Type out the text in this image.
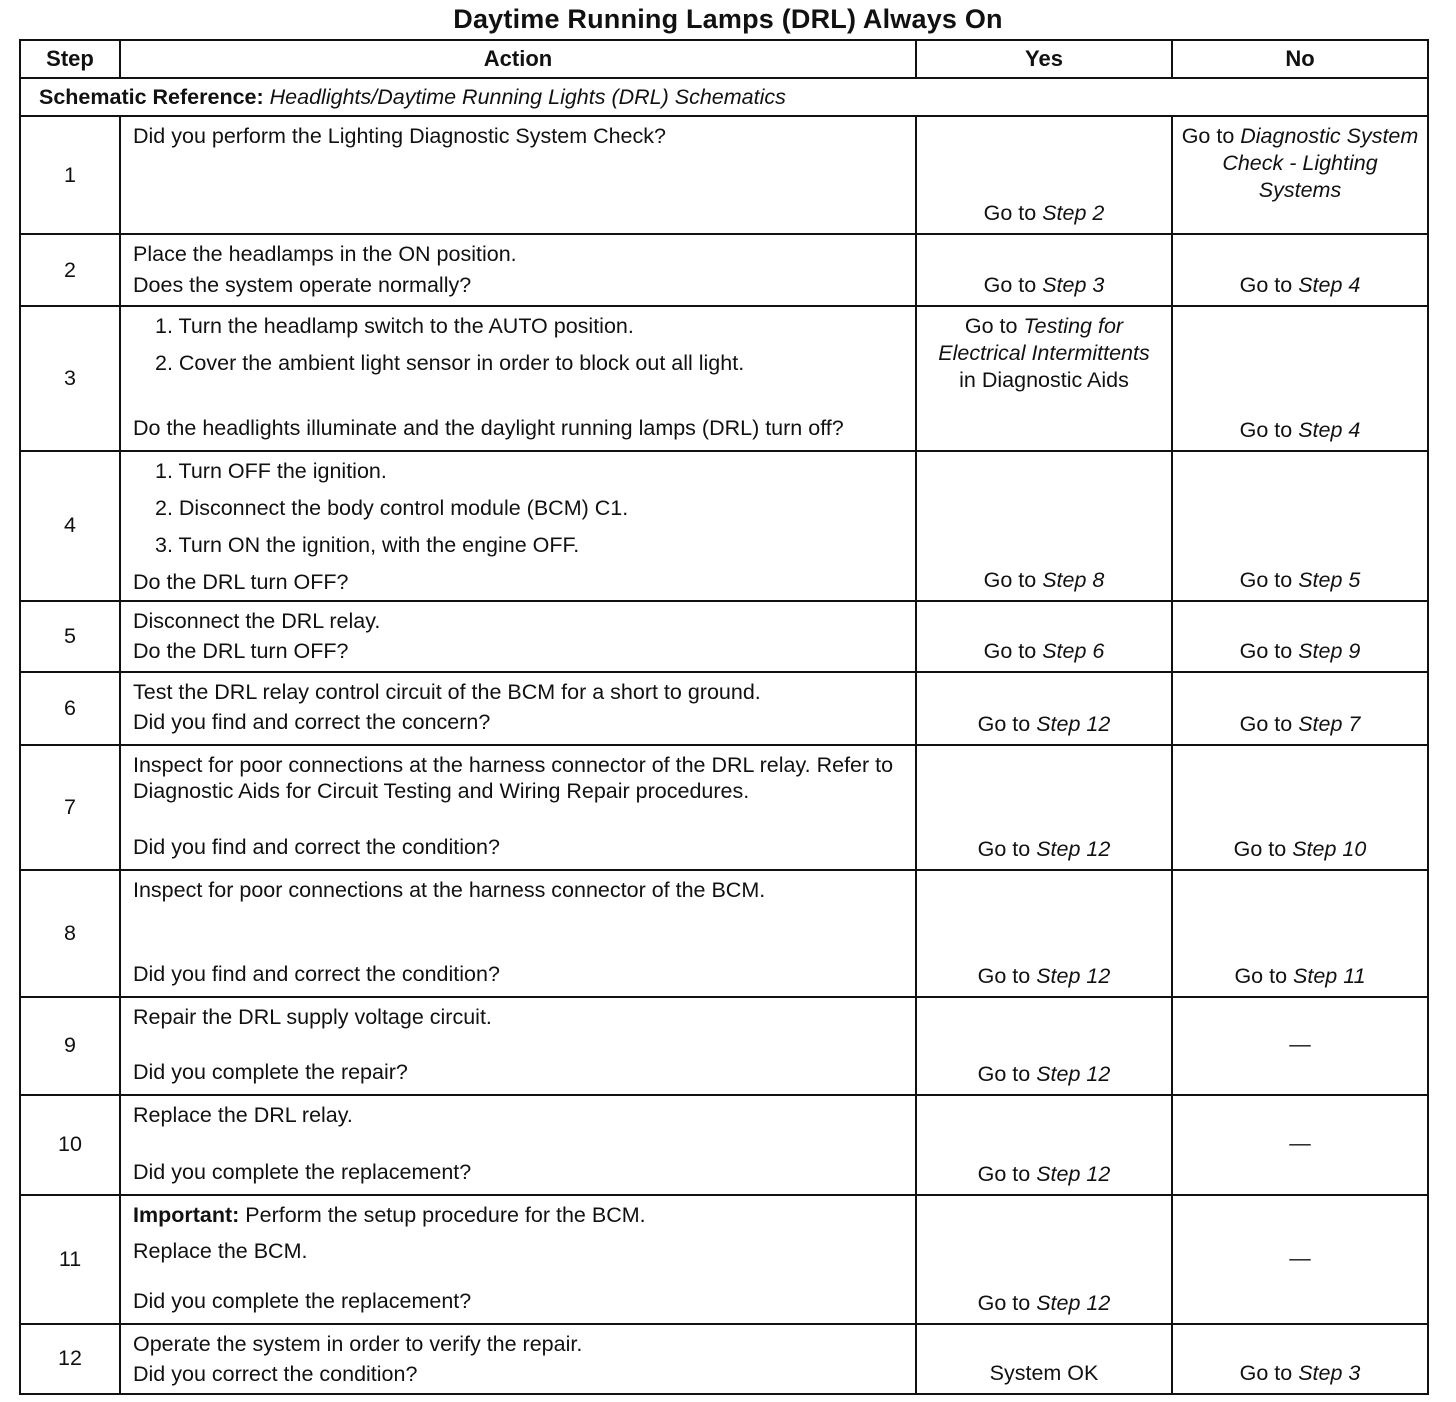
Daytime Running Lamps (DRL) Always On
Step	Action	Yes	No
Schematic Reference: Headlights/Daytime Running Lights (DRL) Schematics			
1	Did you perform the Lighting Diagnostic System Check?	Go to Step 2	Go to Diagnostic System Check - Lighting Systems
2	Place the headlamps in the ON position.
Does the system operate normally?	Go to Step 3	Go to Step 4
3	1. Turn the headlamp switch to the AUTO position.
2. Cover the ambient light sensor in order to block out all light.
Do the headlights illuminate and the daylight running lamps (DRL) turn off?	Go to Testing for Electrical Intermittents
in Diagnostic Aids	Go to Step 4
4	1. Turn OFF the ignition.
2. Disconnect the body control module (BCM) C1.
3. Turn ON the ignition, with the engine OFF.
Do the DRL turn OFF?	Go to Step 8	Go to Step 5
5	Disconnect the DRL relay.
Do the DRL turn OFF?	Go to Step 6	Go to Step 9
6	Test the DRL relay control circuit of the BCM for a short to ground.
Did you find and correct the concern?	Go to Step 12	Go to Step 7
7	Inspect for poor connections at the harness connector of the DRL relay. Refer to Diagnostic Aids for Circuit Testing and Wiring Repair procedures.
Did you find and correct the condition?	Go to Step 12	Go to Step 10
8	Inspect for poor connections at the harness connector of the BCM.
Did you find and correct the condition?	Go to Step 12	Go to Step 11
9	Repair the DRL supply voltage circuit.
Did you complete the repair?	Go to Step 12	—
10	Replace the DRL relay.
Did you complete the replacement?	Go to Step 12	—
11	Important: Perform the setup procedure for the BCM.
Replace the BCM.
Did you complete the replacement?	Go to Step 12	—
12	Operate the system in order to verify the repair.
Did you correct the condition?	System OK	Go to Step 3
